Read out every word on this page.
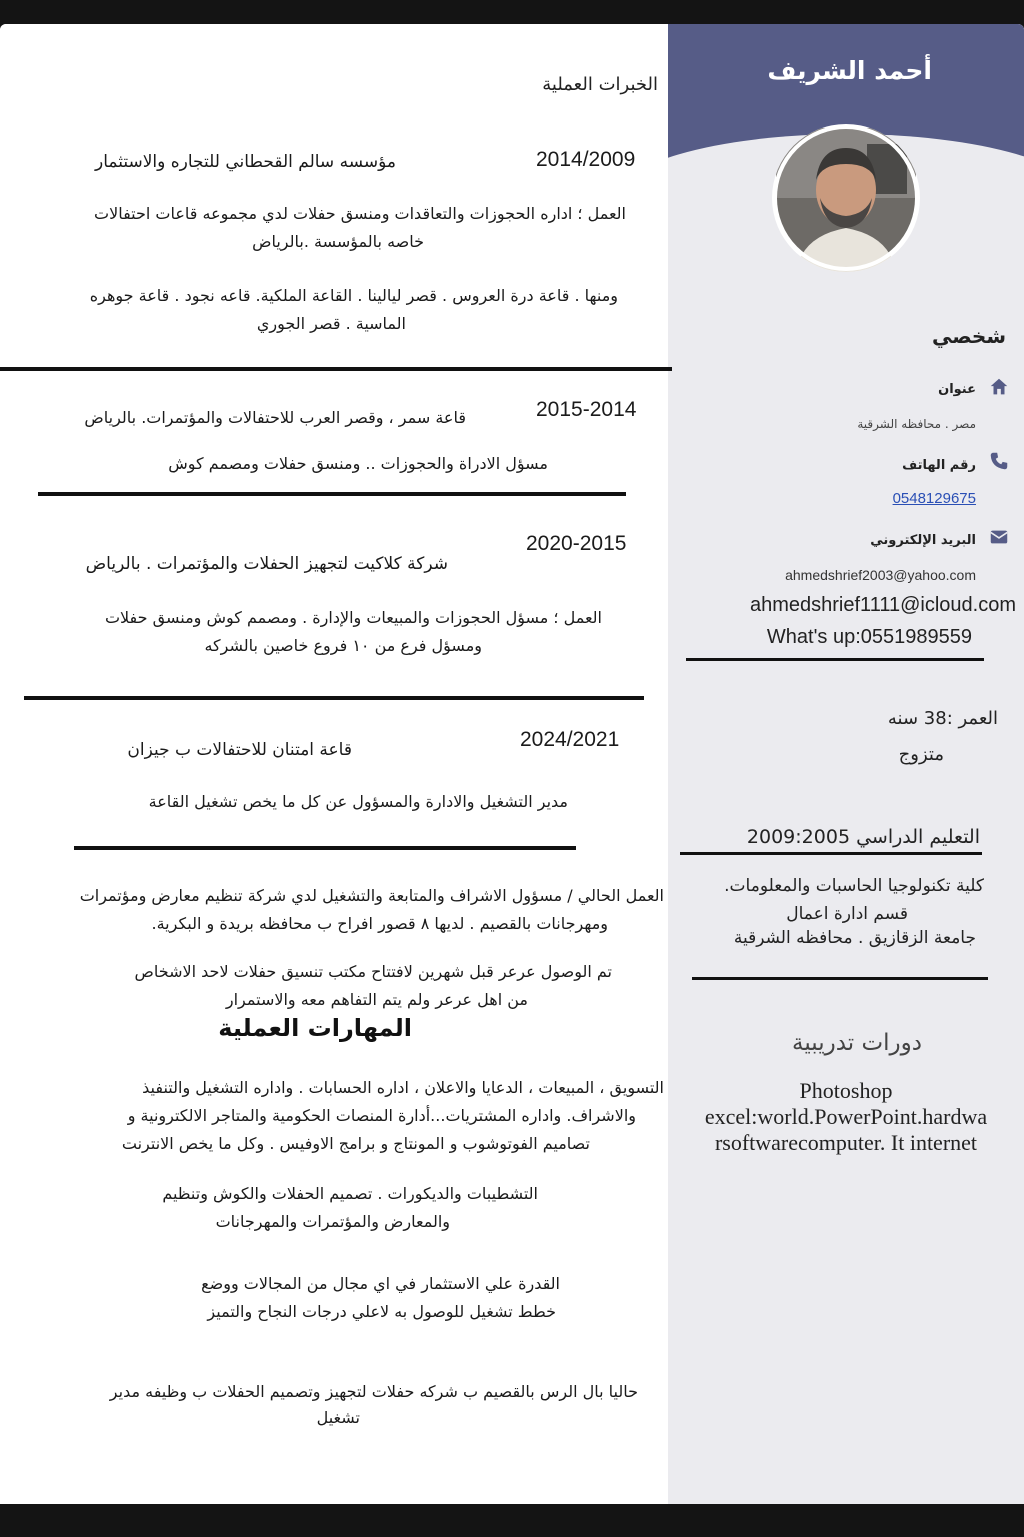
أحمد الشريف
شخصي
عنوان
مصر . محافظه الشرقية
رقم الهاتف
0548129675
البريد الإلكتروني
ahmedshrief2003@yahoo.com
ahmedshrief1111@icloud.com
What's up:0551989559
العمر :38 سنه
متزوج
التعليم الدراسي 2009:2005
كلية تكنولوجيا الحاسبات والمعلومات.
قسم ادارة اعمال
جامعة الزقازيق . محافظه الشرقية
دورات تدريبية
Photoshop
excel:world.PowerPoint.hardwa
rsoftwarecomputer. It internet
الخبرات العملية
2014/2009
مؤسسه سالم القحطاني للتجاره والاستثمار
العمل ؛ اداره الحجوزات والتعاقدات ومنسق حفلات لدي مجموعه قاعات احتفالات
خاصه بالمؤسسة .بالرياض
ومنها . قاعة درة العروس . قصر ليالينا . القاعة الملكية. قاعه نجود . قاعة جوهره
الماسية . قصر الجوري
2015-2014
قاعة سمر ، وقصر العرب للاحتفالات والمؤتمرات. بالرياض
مسؤل الادراة والحجوزات .. ومنسق حفلات ومصمم كوش
2020-2015
شركة كلاكيت لتجهيز الحفلات والمؤتمرات . بالرياض
العمل ؛ مسؤل الحجوزات والمبيعات والإدارة . ومصمم كوش ومنسق حفلات
ومسؤل فرع من ١٠ فروع خاصين بالشركه
2024/2021
قاعة امتنان للاحتفالات ب جيزان
مدير التشغيل والادارة والمسؤول عن كل ما يخص تشغيل القاعة
العمل الحالي / مسؤول الاشراف والمتابعة والتشغيل لدي شركة تنظيم معارض ومؤتمرات
ومهرجانات بالقصيم . لديها ٨ قصور افراح ب محافظه بريدة و البكرية.
تم الوصول عرعر قبل شهرين لافتتاح مكتب تنسيق حفلات لاحد الاشخاص
من اهل عرعر ولم يتم التفاهم معه والاستمرار
المهارات العملية
التسويق ، المبيعات ، الدعايا والاعلان ، اداره الحسابات . واداره التشغيل والتنفيذ
والاشراف. واداره المشتريات...أدارة المنصات الحكومية والمتاجر الالكترونية و
تصاميم الفوتوشوب و المونتاج و برامج الاوفيس . وكل ما يخص الانترنت
التشطيبات والديكورات . تصميم الحفلات والكوش وتنظيم
والمعارض والمؤتمرات والمهرجانات
القدرة علي الاستثمار في اي مجال من المجالات ووضع
خطط تشغيل للوصول به لاعلي درجات النجاح والتميز
حاليا بال الرس بالقصيم ب شركه حفلات لتجهيز وتصميم الحفلات ب وظيفه مدير
تشغيل
